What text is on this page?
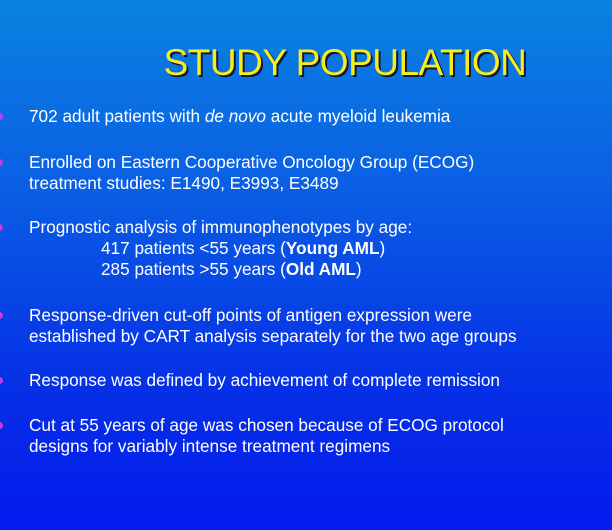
STUDY POPULATION
702 adult patients with de novo acute myeloid leukemia
Enrolled on Eastern Cooperative Oncology Group (ECOG)
treatment studies: E1490, E3993, E3489
Prognostic analysis of immunophenotypes by age:
417 patients <55 years (Young AML)
285 patients >55 years (Old AML)
Response-driven cut-off points of antigen expression were
established by CART analysis separately for the two age groups
Response was defined by achievement of complete remission
Cut at 55 years of age was chosen because of ECOG protocol
designs for variably intense treatment regimens
